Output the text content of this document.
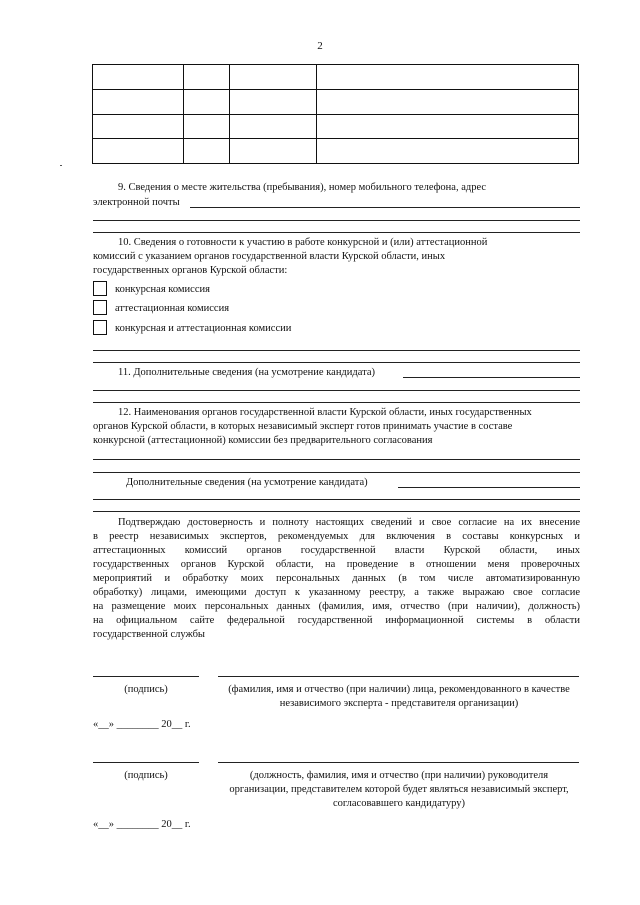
2

9. Сведения о месте жительства (пребывания), номер мобильного телефона, адрес
электронной почты
10. Сведения о готовности к участию в работе конкурсной и (или) аттестационной
комиссий с указанием органов государственной власти Курской области, иных
государственных органов Курской области:
конкурсная комиссия
аттестационная комиссия
конкурсная и аттестационная комиссии
11. Дополнительные сведения (на усмотрение кандидата)
12. Наименования органов государственной власти Курской области, иных государственных
органов Курской области, в которых независимый эксперт готов принимать участие в составе
конкурсной (аттестационной) комиссии без предварительного согласования
Дополнительные сведения (на усмотрение кандидата)
Подтверждаю достоверность и полноту настоящих сведений и свое согласие на их внесение
в реестр независимых экспертов, рекомендуемых для включения в составы конкурсных и
аттестационных комиссий органов государственной власти Курской области, иных
государственных органов Курской области, на проведение в отношении меня проверочных
мероприятий и обработку моих персональных данных (в том числе автоматизированную
обработку) лицами, имеющими доступ к указанному реестру, а также выражаю свое согласие
на размещение моих персональных данных (фамилия, имя, отчество (при наличии), должность)
на официальном сайте федеральной государственной информационной системы в области
государственной службы
(подпись)	(фамилия, имя и отчество (при наличии) лица, рекомендованного в качестве
независимого эксперта - представителя организации)
«__» ________ 20__ г.
(подпись)	(должность, фамилия, имя и отчество (при наличии) руководителя
организации, представителем которой будет являться независимый эксперт,
согласовавшего кандидатуру)
«__» ________ 20__ г.
